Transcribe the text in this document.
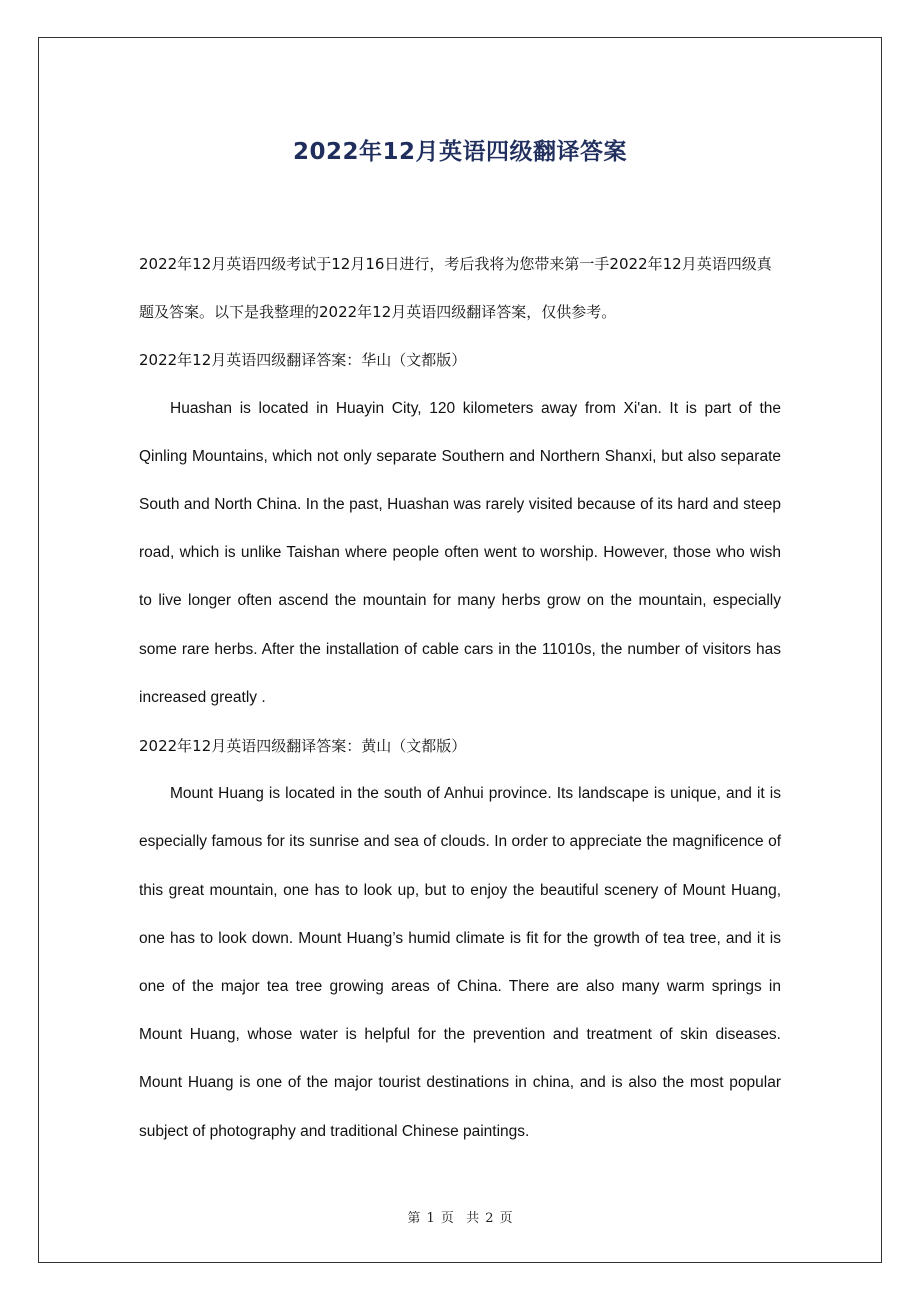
2022年12月英语四级翻译答案

2022年12月英语四级考试于12月16日进行，考后我将为您带来第一手2022年12月英语四级真题及答案。以下是我整理的2022年12月英语四级翻译答案，仅供参考。

2022年12月英语四级翻译答案：华山（文都版）

Huashan is located in Huayin City, 120 kilometers away from Xi'an. It is part of the Qinling Mountains, which not only separate Southern and Northern Shanxi, but also separate South and North China. In the past, Huashan was rarely visited because of its hard and steep road, which is unlike Taishan where people often went to worship. However, those who wish to live longer often ascend the mountain for many herbs grow on the mountain, especially some rare herbs. After the installation of cable cars in the 11010s, the number of visitors has increased greatly .

2022年12月英语四级翻译答案：黄山（文都版）

Mount Huang is located in the south of Anhui province. Its landscape is unique, and it is especially famous for its sunrise and sea of clouds. In order to appreciate the magnificence of this great mountain, one has to look up, but to enjoy the beautiful scenery of Mount Huang, one has to look down. Mount Huang’s humid climate is fit for the growth of tea tree, and it is one of the major tea tree growing areas of China. There are also many warm springs in Mount Huang, whose water is helpful for the prevention and treatment of skin diseases. Mount Huang is one of the major tourist destinations in china, and is also the most popular subject of photography and traditional Chinese paintings.

第 1 页 共 2 页
